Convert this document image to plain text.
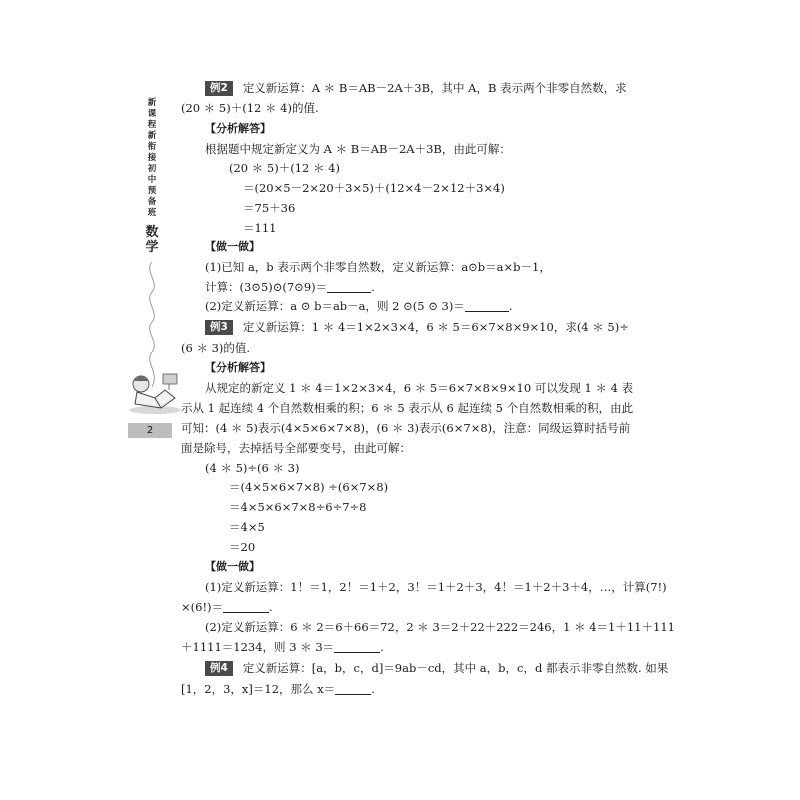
新
课
程
新
衔
接
初
中
预
备
班
数学
2
例2 定义新运算：A ＊ B＝AB－2A＋3B，其中 A，B 表示两个非零自然数，求
(20 ＊ 5)＋(12 ＊ 4)的值.
【分析解答】
根据题中规定新定义为 A ＊ B＝AB－2A＋3B，由此可解：
(20 ＊ 5)＋(12 ＊ 4)
＝(20×5－2×20＋3×5)＋(12×4－2×12＋3×4)
＝75＋36
＝111
【做一做】
(1)已知 a，b 表示两个非零自然数，定义新运算：a⊙b＝a×b－1，
计算：(3⊙5)⊙(7⊙9)＝	.
(2)定义新运算：a ⊙ b＝ab－a，则 2 ⊙(5 ⊙ 3)＝	.
例3 定义新运算：1 ＊ 4＝1×2×3×4，6 ＊ 5＝6×7×8×9×10，求(4 ＊ 5)÷
(6 ＊ 3)的值.
【分析解答】
从规定的新定义 1 ＊ 4＝1×2×3×4，6 ＊ 5＝6×7×8×9×10 可以发现 1 ＊ 4 表
示从 1 起连续 4 个自然数相乘的积；6 ＊ 5 表示从 6 起连续 5 个自然数相乘的积，由此
可知：(4 ＊ 5)表示(4×5×6×7×8)，(6 ＊ 3)表示(6×7×8)，注意：同级运算时括号前
面是除号，去掉括号全部要变号，由此可解：
(4 ＊ 5)÷(6 ＊ 3)
＝(4×5×6×7×8) ÷(6×7×8)
＝4×5×6×7×8÷6÷7÷8
＝4×5
＝20
【做一做】
(1)定义新运算：1！＝1，2！＝1＋2，3！＝1＋2＋3，4！＝1＋2＋3＋4，…，计算(7!)
×(6!)＝	.
(2)定义新运算：6 ＊ 2＝6＋66＝72，2 ＊ 3＝2＋22＋222＝246，1 ＊ 4＝1＋11＋111
＋1111＝1234，则 3 ＊ 3＝	.
例4 定义新运算：[a，b，c，d]＝9ab－cd，其中 a，b，c，d 都表示非零自然数. 如果
[1，2，3，x]＝12，那么 x＝	.
